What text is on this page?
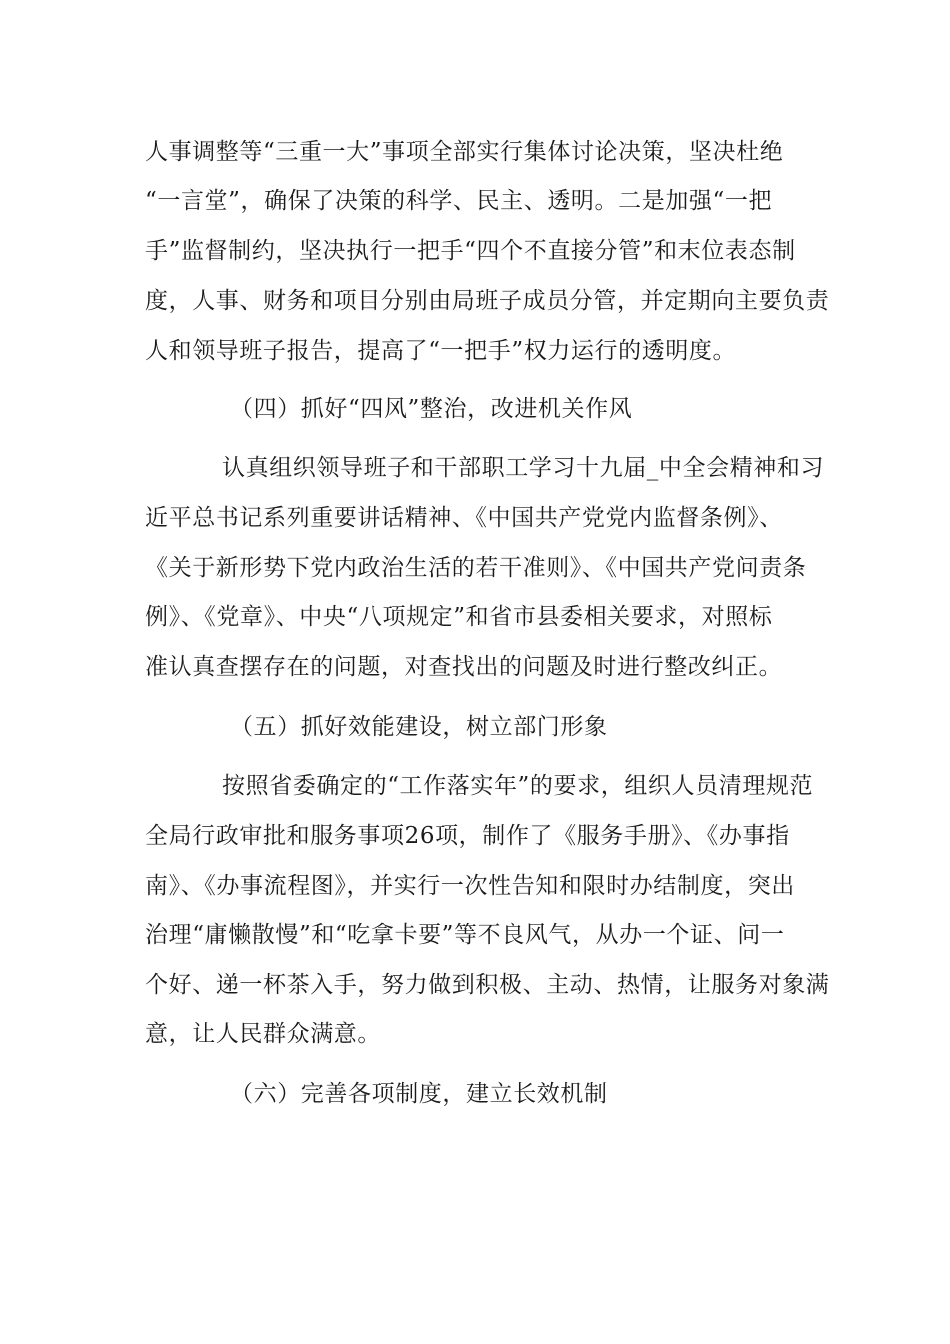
人事调整等“三重一大”事项全部实行集体讨论决策，坚决杜绝
“一言堂”，确保了决策的科学、民主、透明。二是加强“一把
手”监督制约，坚决执行一把手“四个不直接分管”和末位表态制
度，人事、财务和项目分别由局班子成员分管，并定期向主要负责
人和领导班子报告，提高了“一把手”权力运行的透明度。
（四）抓好“四风”整治，改进机关作风
认真组织领导班子和干部职工学习十九届_中全会精神和习
近平总书记系列重要讲话精神、《中国共产党党内监督条例》、
《关于新形势下党内政治生活的若干准则》、《中国共产党问责条
例》、《党章》、中央“八项规定”和省市县委相关要求，对照标
准认真查摆存在的问题，对查找出的问题及时进行整改纠正。
（五）抓好效能建设，树立部门形象
按照省委确定的“工作落实年”的要求，组织人员清理规范
全局行政审批和服务事项26项，制作了《服务手册》、《办事指
南》、《办事流程图》，并实行一次性告知和限时办结制度，突出
治理“庸懒散慢”和“吃拿卡要”等不良风气，从办一个证、问一
个好、递一杯茶入手，努力做到积极、主动、热情，让服务对象满
意，让人民群众满意。
（六）完善各项制度，建立长效机制
